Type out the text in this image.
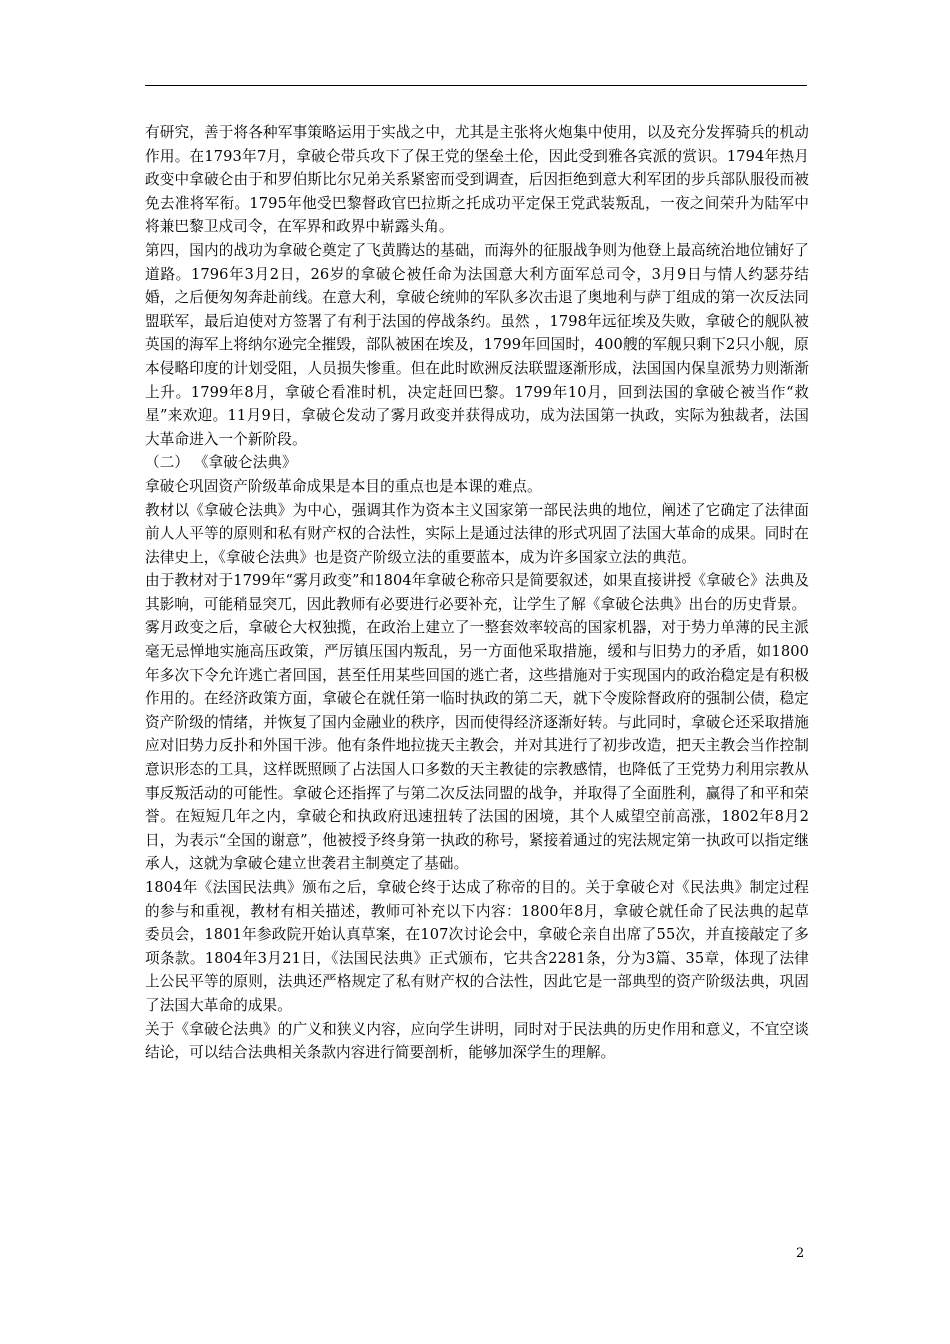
有研究，善于将各种军事策略运用于实战之中，尤其是主张将火炮集中使用，以及充分发挥骑兵的机动作用。在1793年7月，拿破仑带兵攻下了保王党的堡垒土伦，因此受到雅各宾派的赏识。1794年热月政变中拿破仑由于和罗伯斯比尔兄弟关系紧密而受到调查，后因拒绝到意大利军团的步兵部队服役而被免去准将军衔。1795年他受巴黎督政官巴拉斯之托成功平定保王党武装叛乱，一夜之间荣升为陆军中将兼巴黎卫戍司令，在军界和政界中崭露头角。

第四，国内的战功为拿破仑奠定了飞黄腾达的基础，而海外的征服战争则为他登上最高统治地位铺好了道路。1796年3月2日，26岁的拿破仑被任命为法国意大利方面军总司令，3月9日与情人约瑟芬结婚，之后便匆匆奔赴前线。在意大利，拿破仑统帅的军队多次击退了奥地利与萨丁组成的第一次反法同盟联军，最后迫使对方签署了有利于法国的停战条约。虽然 ，1798年远征埃及失败，拿破仑的舰队被英国的海军上将纳尔逊完全摧毁，部队被困在埃及，1799年回国时，400艘的军舰只剩下2只小舰，原本侵略印度的计划受阻，人员损失惨重。但在此时欧洲反法联盟逐渐形成，法国国内保皇派势力则渐渐上升。1799年8月，拿破仑看准时机，决定赶回巴黎。1799年10月，回到法国的拿破仑被当作“救星”来欢迎。11月9日，拿破仑发动了雾月政变并获得成功，成为法国第一执政，实际为独裁者，法国大革命进入一个新阶段。

（二） 《拿破仑法典》

拿破仑巩固资产阶级革命成果是本目的重点也是本课的难点。

教材以《拿破仑法典》为中心，强调其作为资本主义国家第一部民法典的地位，阐述了它确定了法律面前人人平等的原则和私有财产权的合法性，实际上是通过法律的形式巩固了法国大革命的成果。同时在法律史上，《拿破仑法典》也是资产阶级立法的重要蓝本，成为许多国家立法的典范。

由于教材对于1799年“雾月政变”和1804年拿破仑称帝只是简要叙述，如果直接讲授《拿破仑》法典及其影响，可能稍显突兀，因此教师有必要进行必要补充，让学生了解《拿破仑法典》出台的历史背景。

雾月政变之后，拿破仑大权独揽，在政治上建立了一整套效率较高的国家机器，对于势力单薄的民主派毫无忌惮地实施高压政策，严厉镇压国内叛乱，另一方面他采取措施，缓和与旧势力的矛盾，如1800年多次下令允许逃亡者回国，甚至任用某些回国的逃亡者，这些措施对于实现国内的政治稳定是有积极作用的。在经济政策方面，拿破仑在就任第一临时执政的第二天，就下令废除督政府的强制公债，稳定资产阶级的情绪，并恢复了国内金融业的秩序，因而使得经济逐渐好转。与此同时，拿破仑还采取措施应对旧势力反扑和外国干涉。他有条件地拉拢天主教会，并对其进行了初步改造，把天主教会当作控制意识形态的工具，这样既照顾了占法国人口多数的天主教徒的宗教感情，也降低了王党势力利用宗教从事反叛活动的可能性。拿破仑还指挥了与第二次反法同盟的战争，并取得了全面胜利，赢得了和平和荣誉。在短短几年之内，拿破仑和执政府迅速扭转了法国的困境，其个人威望空前高涨，1802年8月2日，为表示“全国的谢意”，他被授予终身第一执政的称号，紧接着通过的宪法规定第一执政可以指定继承人，这就为拿破仑建立世袭君主制奠定了基础。

1804年《法国民法典》颁布之后，拿破仑终于达成了称帝的目的。关于拿破仑对《民法典》制定过程的参与和重视，教材有相关描述，教师可补充以下内容：1800年8月，拿破仑就任命了民法典的起草委员会，1801年参政院开始认真草案，在107次讨论会中，拿破仑亲自出席了55次，并直接敲定了多项条款。1804年3月21日，《法国民法典》正式颁布，它共含2281条，分为3篇、35章，体现了法律上公民平等的原则，法典还严格规定了私有财产权的合法性，因此它是一部典型的资产阶级法典，巩固了法国大革命的成果。

关于《拿破仑法典》的广义和狭义内容，应向学生讲明，同时对于民法典的历史作用和意义，不宜空谈结论，可以结合法典相关条款内容进行简要剖析，能够加深学生的理解。

2
